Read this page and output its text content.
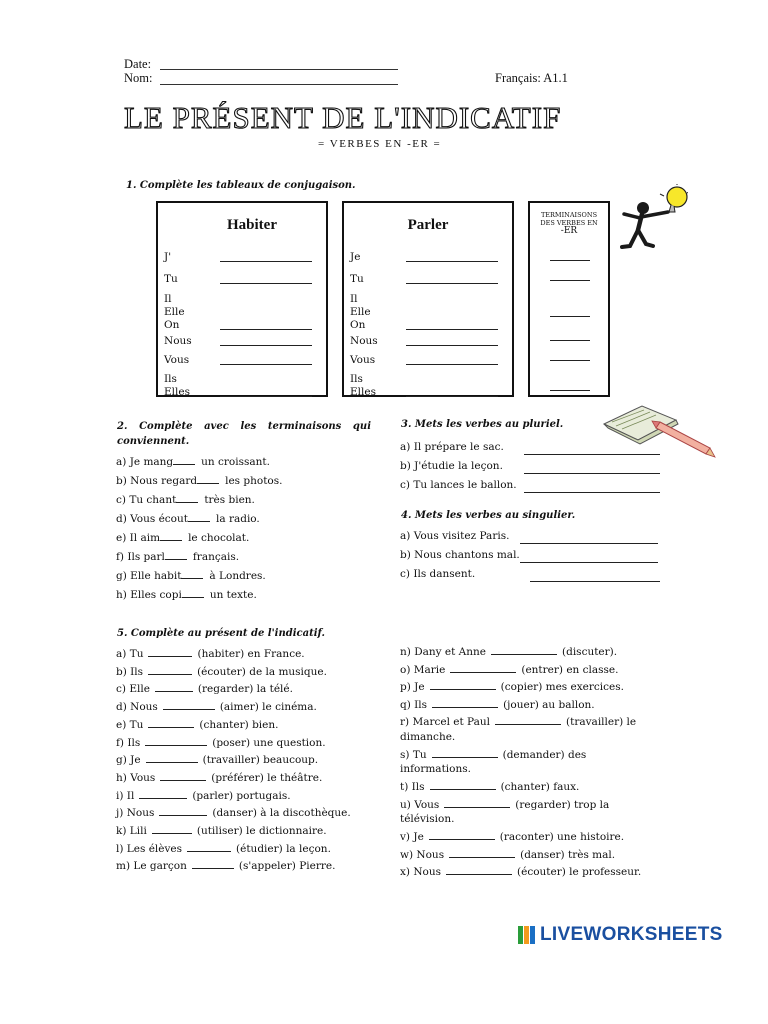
Date:
Nom:	Français: A1.1
LE PRÉSENT DE L'INDICATIF
= VERBES EN -ER =
1. Complète les tableaux de conjugaison.
Habiter
J'
Tu
Il
Elle
On
Nous
Vous
Ils
Elles
Parler
Je
Tu
Il
Elle
On
Nous
Vous
Ils
Elles
TERMINAISONS
DES VERBES EN
-ER
2. Complète avec les terminaisons qui conviennent.
a) Je mang	un croissant.
b) Nous regard	les photos.
c) Tu chant	très bien.
d) Vous écout	la radio.
e) Il aim	le chocolat.
f) Ils parl	français.
g) Elle habit	à Londres.
h) Elles copi	un texte.
3. Mets les verbes au pluriel.
a) Il prépare le sac.
b) J'étudie la leçon.
c) Tu lances le ballon.
4. Mets les verbes au singulier.
a) Vous visitez Paris.
b) Nous chantons mal.
c) Ils dansent.
5. Complète au présent de l'indicatif.
a) Tu	(habiter) en France.
b) Ils	(écouter) de la musique.
c) Elle	(regarder) la télé.
d) Nous	(aimer) le cinéma.
e) Tu	(chanter) bien.
f) Ils	(poser) une question.
g) Je	(travailler) beaucoup.
h) Vous	(préférer) le théâtre.
i) Il	(parler) portugais.
j) Nous	(danser) à la discothèque.
k) Lili	(utiliser) le dictionnaire.
l) Les élèves	(étudier) la leçon.
m) Le garçon	(s'appeler) Pierre.
n) Dany et Anne	(discuter).
o) Marie	(entrer) en classe.
p) Je	(copier) mes exercices.
q) Ils	(jouer) au ballon.
r) Marcel et Paul	(travailler) le
dimanche.
s) Tu	(demander) des
informations.
t) Ils	(chanter) faux.
u) Vous	(regarder) trop la
télévision.
v) Je	(raconter) une histoire.
w) Nous	(danser) très mal.
x) Nous	(écouter) le professeur.
LIVEWORKSHEETS
